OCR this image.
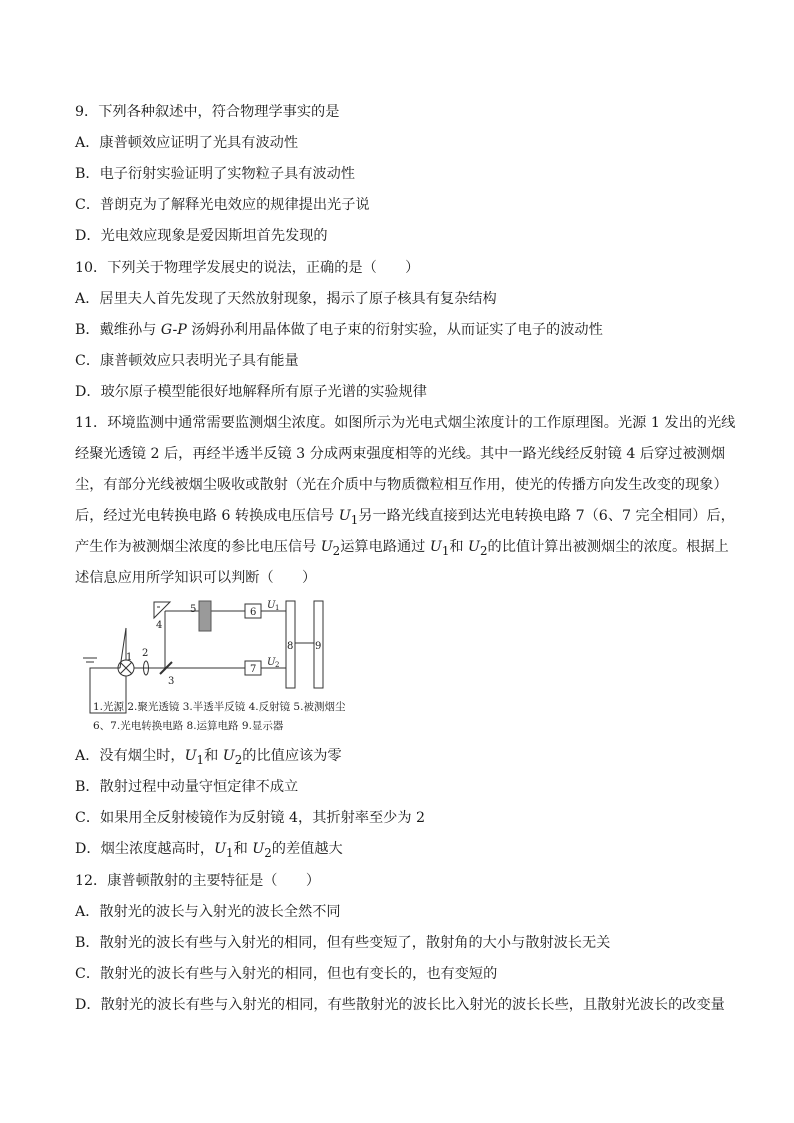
9．下列各种叙述中，符合物理学事实的是
A．康普顿效应证明了光具有波动性
B．电子衍射实验证明了实物粒子具有波动性
C．普朗克为了解释光电效应的规律提出光子说
D．光电效应现象是爱因斯坦首先发现的
10．下列关于物理学发展史的说法，正确的是（　　）
A．居里夫人首先发现了天然放射现象，揭示了原子核具有复杂结构
B．戴维孙与 G-P 汤姆孙利用晶体做了电子束的衍射实验，从而证实了电子的波动性
C．康普顿效应只表明光子具有能量
D．玻尔原子模型能很好地解释所有原子光谱的实验规律
11．环境监测中通常需要监测烟尘浓度。如图所示为光电式烟尘浓度计的工作原理图。光源 1 发出的光线
经聚光透镜 2 后，再经半透半反镜 3 分成两束强度相等的光线。其中一路光线经反射镜 4 后穿过被测烟
尘，有部分光线被烟尘吸收或散射（光在介质中与物质微粒相互作用，使光的传播方向发生改变的现象）
后，经过光电转换电路 6 转换成电压信号 $U_1$另一路光线直接到达光电转换电路 7（6、7 完全相同）后，
产生作为被测烟尘浓度的参比电压信号 $U_2$运算电路通过 $U_1$和 $U_2$的比值计算出被测烟尘的浓度。根据上
述信息应用所学知识可以判断（　　）
1 2
3
4
5	6
7
8 9
U 1
U 2
1.光源 2.聚光透镜 3.半透半反镜 4.反射镜 5.被测烟尘
6、7.光电转换电路 8.运算电路 9.显示器
A．没有烟尘时，$U_1$和 $U_2$的比值应该为零
B．散射过程中动量守恒定律不成立
C．如果用全反射棱镜作为反射镜 4，其折射率至少为 2
D．烟尘浓度越高时，$U_1$和 $U_2$的差值越大
12．康普顿散射的主要特征是（　　）
A．散射光的波长与入射光的波长全然不同
B．散射光的波长有些与入射光的相同，但有些变短了，散射角的大小与散射波长无关
C．散射光的波长有些与入射光的相同，但也有变长的，也有变短的
D．散射光的波长有些与入射光的相同，有些散射光的波长比入射光的波长长些，且散射光波长的改变量
